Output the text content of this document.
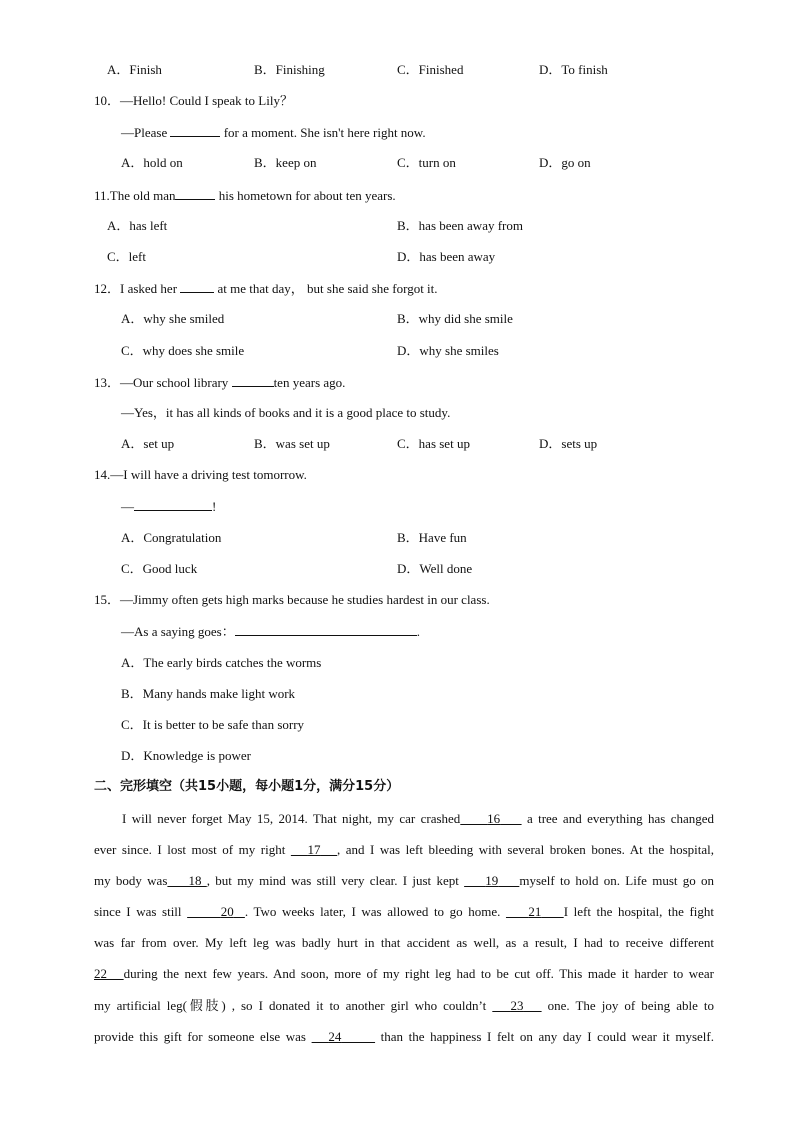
A．Finish	B．Finishing	C．Finished	D．To finish
10．—Hello! Could I speak to Lily？
—Please	for a moment. She isn't here right now.
A．hold on	B．keep on	C．turn on	D．go on
11.The old man	his hometown for about ten years.
A．has left	B．has been away from
C．left	D．has been away
12．I asked her	at me that day， but she said she forgot it.
A．why she smiled	B．why did she smile
C．why does she smile	D．why she smiles
13．—Our school library	ten years ago.
—Yes，it has all kinds of books and it is a good place to study.
A．set up	B．was set up	C．has set up	D．sets up
14.—I will have a driving test tomorrow.
—	!
A．Congratulation	B．Have fun
C．Good luck	D．Well done
15．—Jimmy often gets high marks because he studies hardest in our class.
—As a saying goes：	.
A．The early birds catches the worms
B．Many hands make light work
C．It is better to be safe than sorry
D．Knowledge is power
二、完形填空（共15小题，每小题1分，满分15分）
I will never forget May 15, 2014. That night, my car crashed 16 a tree and everything has changed
ever since. I lost most of my right 17 , and I was left bleeding with several broken bones. At the hospital,
my body was 18 , but my mind was still very clear. I just kept 19 myself to hold on. Life must go on
since I was still	20 . Two weeks later, I was allowed to go home. 21 I left the hospital, the fight
was far from over. My left leg was badly hurt in that accident as well, as a result, I had to receive different
22 during the next few years. And soon, more of my right leg had to be cut off. This made it harder to wear
my artificial leg(假肢) , so I donated it to another girl who couldn’t 23 one. The joy of being able to
provide this gift for someone else was 24	than the happiness I felt on any day I could wear it myself.
